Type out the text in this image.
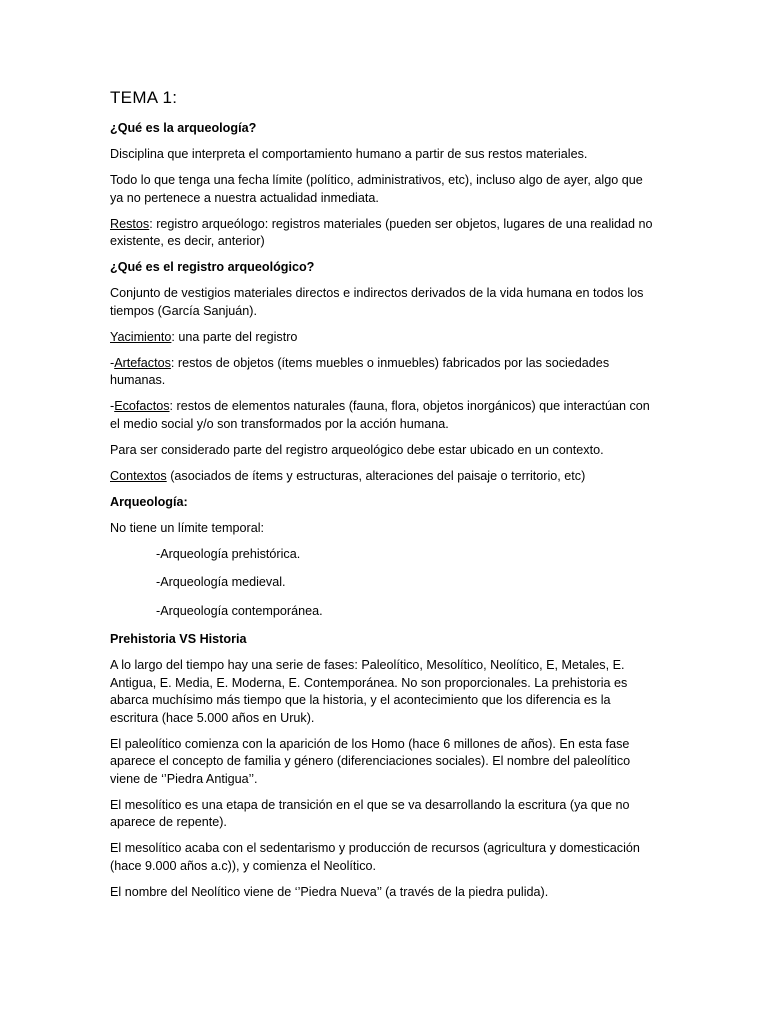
TEMA 1:

¿Qué es la arqueología?

Disciplina que interpreta el comportamiento humano a partir de sus restos materiales.

Todo lo que tenga una fecha límite (político, administrativos, etc), incluso algo de ayer, algo que ya no pertenece a nuestra actualidad inmediata.

Restos: registro arqueólogo: registros materiales (pueden ser objetos, lugares de una realidad no existente, es decir, anterior)

¿Qué es el registro arqueológico?

Conjunto de vestigios materiales directos e indirectos derivados de la vida humana en todos los tiempos (García Sanjuán).

Yacimiento: una parte del registro

-Artefactos: restos de objetos (ítems muebles o inmuebles) fabricados por las sociedades humanas.

-Ecofactos: restos de elementos naturales (fauna, flora, objetos inorgánicos) que interactúan con el medio social y/o son transformados por la acción humana.

Para ser considerado parte del registro arqueológico debe estar ubicado en un contexto.

Contextos (asociados de ítems y estructuras, alteraciones del paisaje o territorio, etc)

Arqueología:

No tiene un límite temporal:

-Arqueología prehistórica.

-Arqueología medieval.

-Arqueología contemporánea.

Prehistoria VS Historia

A lo largo del tiempo hay una serie de fases: Paleolítico, Mesolítico, Neolítico, E, Metales, E. Antigua, E. Media, E. Moderna, E. Contemporánea. No son proporcionales. La prehistoria es abarca muchísimo más tiempo que la historia, y el acontecimiento que los diferencia es la escritura (hace 5.000 años en Uruk).

El paleolítico comienza con la aparición de los Homo (hace 6 millones de años). En esta fase aparece el concepto de familia y género (diferenciaciones sociales). El nombre del paleolítico viene de ‘’Piedra Antigua’’.

El mesolítico es una etapa de transición en el que se va desarrollando la escritura (ya que no aparece de repente).

El mesolítico acaba con el sedentarismo y producción de recursos (agricultura y domesticación (hace 9.000 años a.c)), y comienza el Neolítico.

El nombre del Neolítico viene de ‘’Piedra Nueva’’ (a través de la piedra pulida).
